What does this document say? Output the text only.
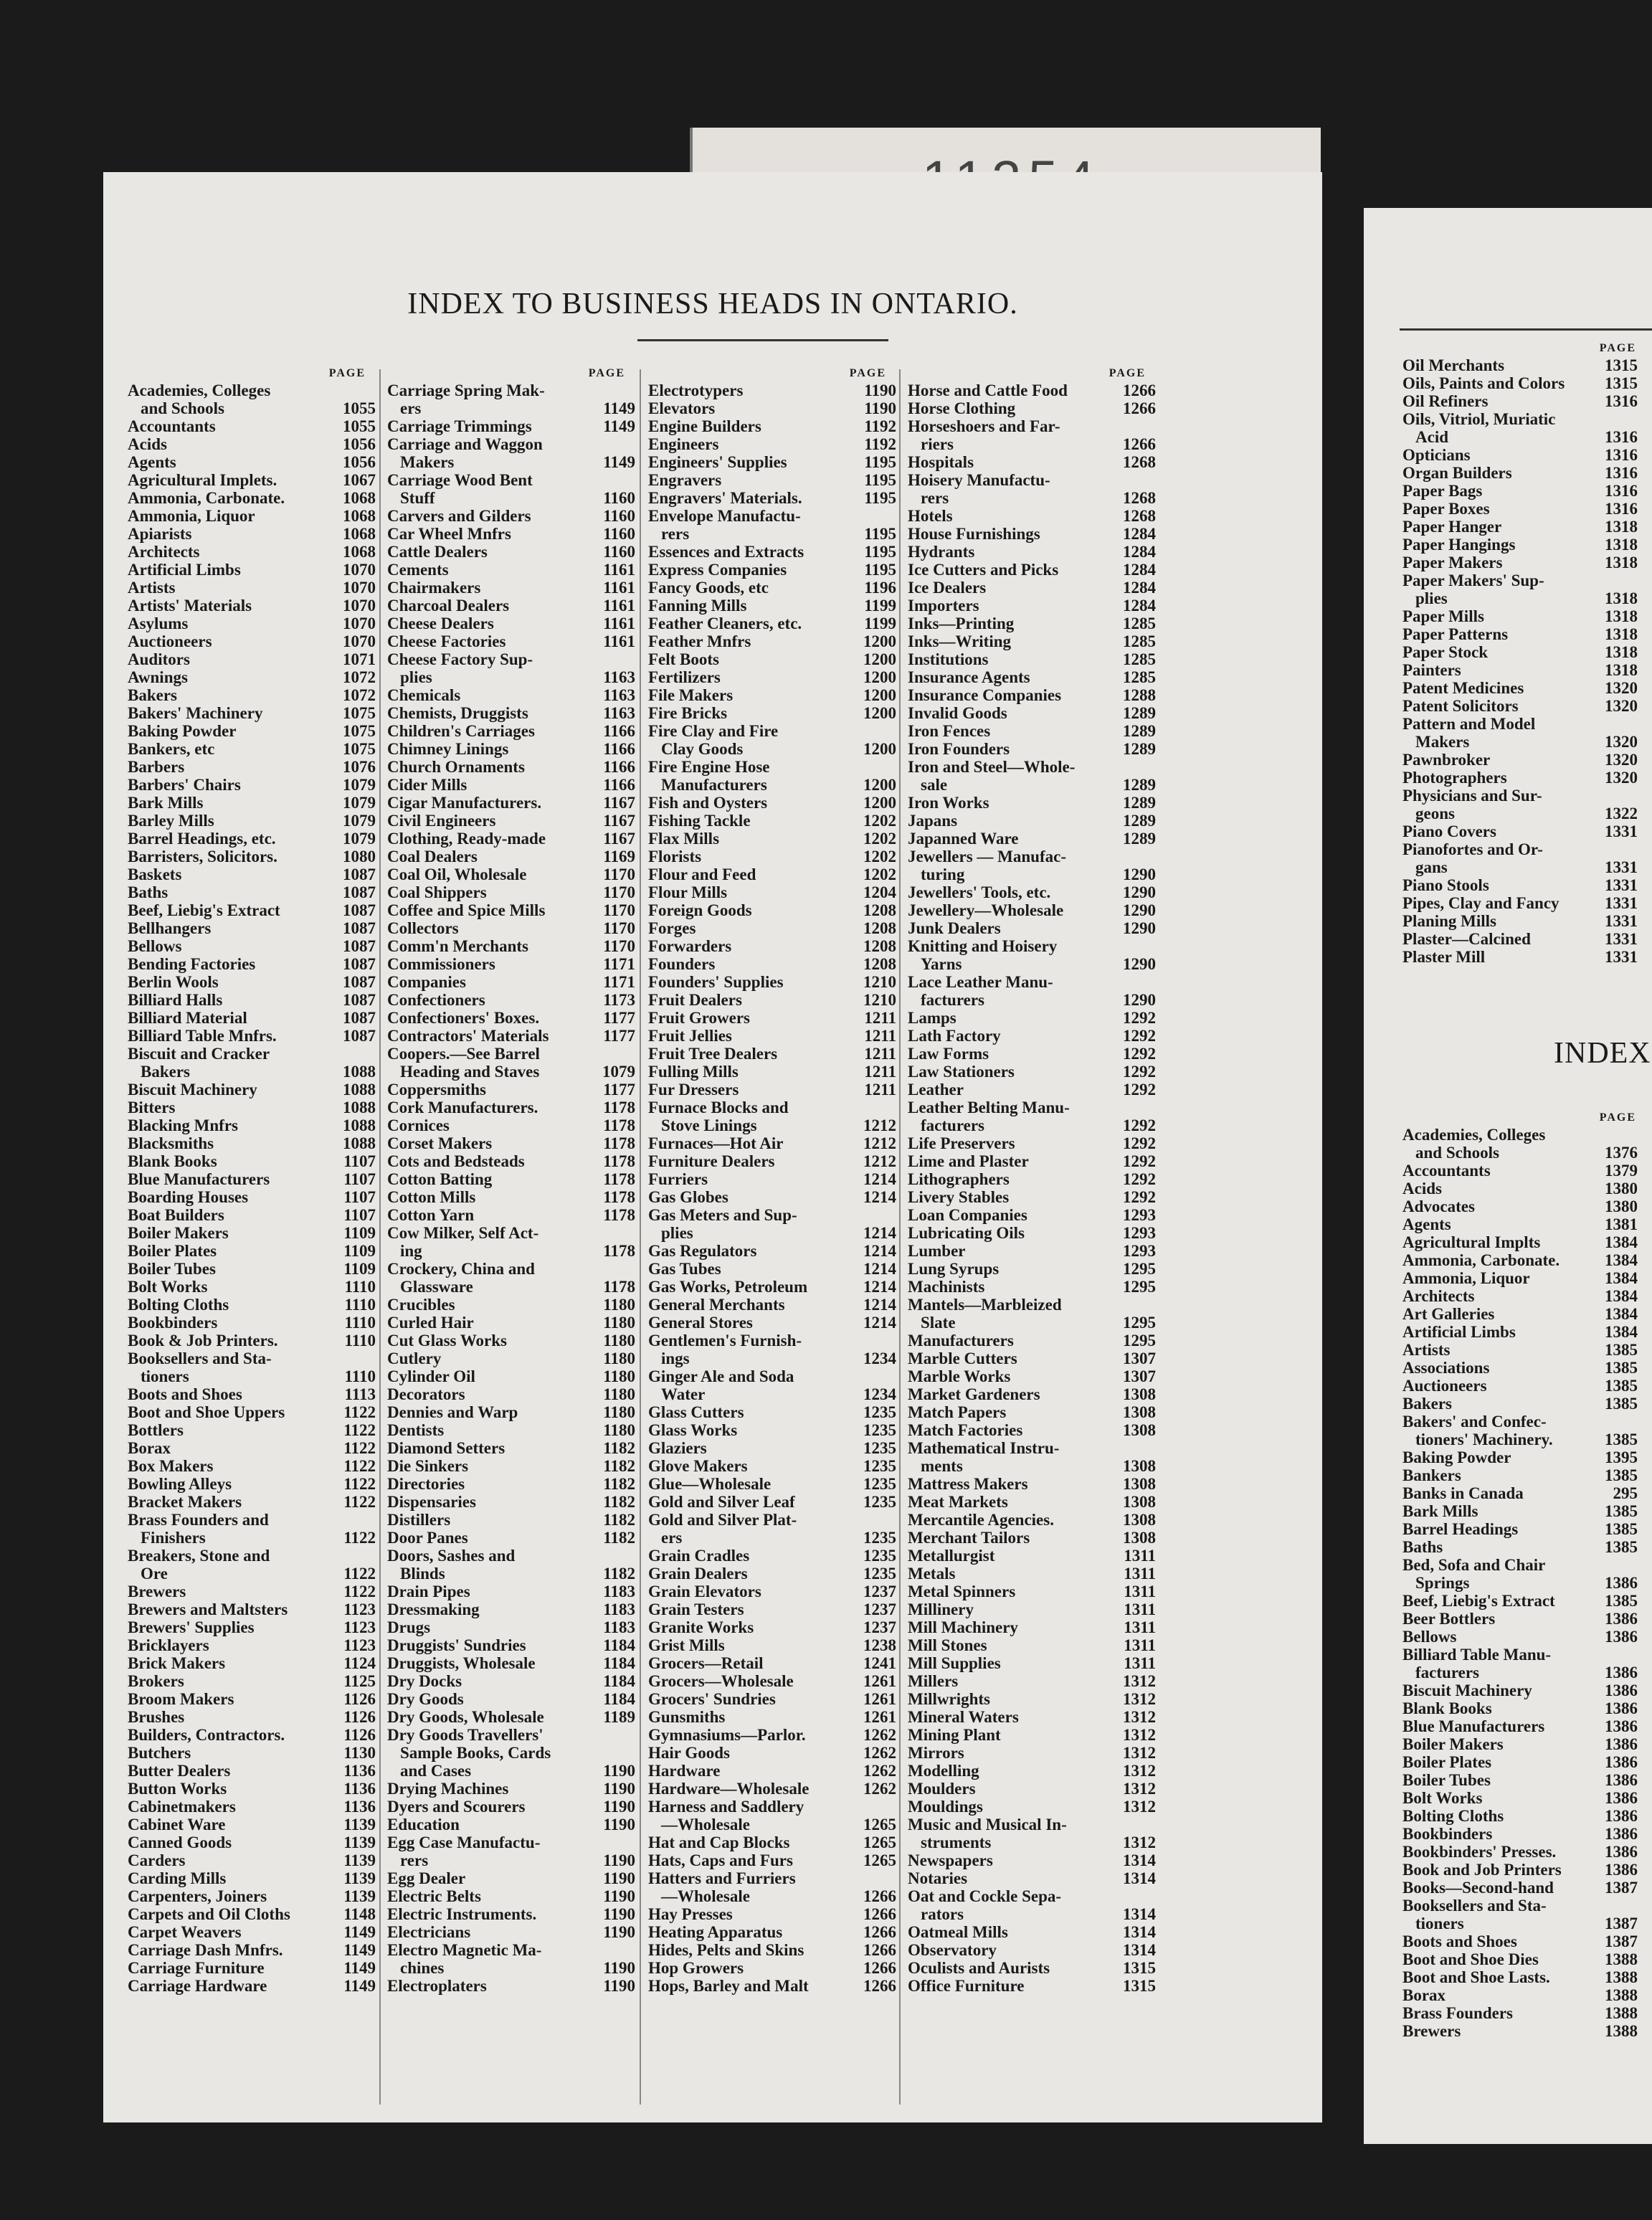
INDEX TO BUSINESS HEADS IN ONTARIO.
PAGE
Academies, Colleges
1055
and Schools
1055
Accountants
1056
Acids
1056
Agents
1067
Agricultural Implets.
1068
Ammonia, Carbonate.
1068
Ammonia, Liquor
1068
Apiarists
1068
Architects
1070
Artificial Limbs
1070
Artists
1070
Artists' Materials
1070
Asylums
1070
Auctioneers
1071
Auditors
1072
Awnings
1072
Bakers
1075
Bakers' Machinery
1075
Baking Powder
1075
Bankers, etc
1076
Barbers
1079
Barbers' Chairs
1079
Bark Mills
1079
Barley Mills
1079
Barrel Headings, etc.
1080
Barristers, Solicitors.
1087
Baskets
1087
Baths
1087
Beef, Liebig's Extract
1087
Bellhangers
1087
Bellows
1087
Bending Factories
1087
Berlin Wools
1087
Billiard Halls
1087
Billiard Material
1087
Billiard Table Mnfrs.
Biscuit and Cracker
1088
Bakers
1088
Biscuit Machinery
1088
Bitters
1088
Blacking Mnfrs
1088
Blacksmiths
1107
Blank Books
1107
Blue Manufacturers
1107
Boarding Houses
1107
Boat Builders
1109
Boiler Makers
1109
Boiler Plates
1109
Boiler Tubes
1110
Bolt Works
1110
Bolting Cloths
1110
Bookbinders
1110
Book & Job Printers.
Booksellers and Sta-
1110
tioners
1113
Boots and Shoes
1122
Boot and Shoe Uppers
1122
Bottlers
1122
Borax
1122
Box Makers
1122
Bowling Alleys
1122
Bracket Makers
Brass Founders and
1122
Finishers
Breakers, Stone and
1122
Ore
1122
Brewers
1123
Brewers and Maltsters
1123
Brewers' Supplies
1123
Bricklayers
1124
Brick Makers
1125
Brokers
1126
Broom Makers
1126
Brushes
1126
Builders, Contractors.
1130
Butchers
1136
Butter Dealers
1136
Button Works
1136
Cabinetmakers
1139
Cabinet Ware
1139
Canned Goods
1139
Carders
1139
Carding Mills
1139
Carpenters, Joiners
1148
Carpets and Oil Cloths
1149
Carpet Weavers
1149
Carriage Dash Mnfrs.
1149
Carriage Furniture
1149
Carriage Hardware
PAGE
Carriage Spring Mak-
1149
ers
1149
Carriage Trimmings
Carriage and Waggon
1149
Makers
Carriage Wood Bent
1160
Stuff
1160
Carvers and Gilders
1160
Car Wheel Mnfrs
1160
Cattle Dealers
1161
Cements
1161
Chairmakers
1161
Charcoal Dealers
1161
Cheese Dealers
1161
Cheese Factories
Cheese Factory Sup-
1163
plies
1163
Chemicals
1163
Chemists, Druggists
1166
Children's Carriages
1166
Chimney Linings
1166
Church Ornaments
1166
Cider Mills
1167
Cigar Manufacturers.
1167
Civil Engineers
1167
Clothing, Ready-made
1169
Coal Dealers
1170
Coal Oil, Wholesale
1170
Coal Shippers
1170
Coffee and Spice Mills
1170
Collectors
1170
Comm'n Merchants
1171
Commissioners
1171
Companies
1173
Confectioners
1177
Confectioners' Boxes.
1177
Contractors' Materials
Coopers.—See Barrel
1079
Heading and Staves
1177
Coppersmiths
1178
Cork Manufacturers.
1178
Cornices
1178
Corset Makers
1178
Cots and Bedsteads
1178
Cotton Batting
1178
Cotton Mills
1178
Cotton Yarn
Cow Milker, Self Act-
1178
ing
Crockery, China and
1178
Glassware
1180
Crucibles
1180
Curled Hair
1180
Cut Glass Works
1180
Cutlery
1180
Cylinder Oil
1180
Decorators
1180
Dennies and Warp
1180
Dentists
1182
Diamond Setters
1182
Die Sinkers
1182
Directories
1182
Dispensaries
1182
Distillers
1182
Door Panes
Doors, Sashes and
1182
Blinds
1183
Drain Pipes
1183
Dressmaking
1183
Drugs
1184
Druggists' Sundries
1184
Druggists, Wholesale
1184
Dry Docks
1184
Dry Goods
1189
Dry Goods, Wholesale
Dry Goods Travellers'
Sample Books, Cards
1190
and Cases
1190
Drying Machines
1190
Dyers and Scourers
1190
Education
Egg Case Manufactu-
1190
rers
1190
Egg Dealer
1190
Electric Belts
1190
Electric Instruments.
1190
Electricians
Electro Magnetic Ma-
1190
chines
1190
Electroplaters
PAGE
1190
Electrotypers
1190
Elevators
1192
Engine Builders
1192
Engineers
1195
Engineers' Supplies
1195
Engravers
1195
Engravers' Materials.
Envelope Manufactu-
1195
rers
1195
Essences and Extracts
1195
Express Companies
1196
Fancy Goods, etc
1199
Fanning Mills
1199
Feather Cleaners, etc.
1200
Feather Mnfrs
1200
Felt Boots
1200
Fertilizers
1200
File Makers
1200
Fire Bricks
Fire Clay and Fire
1200
Clay Goods
Fire Engine Hose
1200
Manufacturers
1200
Fish and Oysters
1202
Fishing Tackle
1202
Flax Mills
1202
Florists
1202
Flour and Feed
1204
Flour Mills
1208
Foreign Goods
1208
Forges
1208
Forwarders
1208
Founders
1210
Founders' Supplies
1210
Fruit Dealers
1211
Fruit Growers
1211
Fruit Jellies
1211
Fruit Tree Dealers
1211
Fulling Mills
1211
Fur Dressers
Furnace Blocks and
1212
Stove Linings
1212
Furnaces—Hot Air
1212
Furniture Dealers
1214
Furriers
1214
Gas Globes
Gas Meters and Sup-
1214
plies
1214
Gas Regulators
1214
Gas Tubes
1214
Gas Works, Petroleum
1214
General Merchants
1214
General Stores
Gentlemen's Furnish-
1234
ings
Ginger Ale and Soda
1234
Water
1235
Glass Cutters
1235
Glass Works
1235
Glaziers
1235
Glove Makers
1235
Glue—Wholesale
1235
Gold and Silver Leaf
Gold and Silver Plat-
1235
ers
1235
Grain Cradles
1235
Grain Dealers
1237
Grain Elevators
1237
Grain Testers
1237
Granite Works
1238
Grist Mills
1241
Grocers—Retail
1261
Grocers—Wholesale
1261
Grocers' Sundries
1261
Gunsmiths
1262
Gymnasiums—Parlor.
1262
Hair Goods
1262
Hardware
1262
Hardware—Wholesale
Harness and Saddlery
1265
—Wholesale
1265
Hat and Cap Blocks
1265
Hats, Caps and Furs
Hatters and Furriers
1266
—Wholesale
1266
Hay Presses
1266
Heating Apparatus
1266
Hides, Pelts and Skins
1266
Hop Growers
1266
Hops, Barley and Malt
PAGE
1266
Horse and Cattle Food
1266
Horse Clothing
Horseshoers and Far-
1266
riers
1268
Hospitals
Hoisery Manufactu-
1268
rers
1268
Hotels
1284
House Furnishings
1284
Hydrants
1284
Ice Cutters and Picks
1284
Ice Dealers
1284
Importers
1285
Inks—Printing
1285
Inks—Writing
1285
Institutions
1285
Insurance Agents
1288
Insurance Companies
1289
Invalid Goods
1289
Iron Fences
1289
Iron Founders
Iron and Steel—Whole-
1289
sale
1289
Iron Works
1289
Japans
1289
Japanned Ware
Jewellers — Manufac-
1290
turing
1290
Jewellers' Tools, etc.
1290
Jewellery—Wholesale
1290
Junk Dealers
Knitting and Hoisery
1290
Yarns
Lace Leather Manu-
1290
facturers
1292
Lamps
1292
Lath Factory
1292
Law Forms
1292
Law Stationers
1292
Leather
Leather Belting Manu-
1292
facturers
1292
Life Preservers
1292
Lime and Plaster
1292
Lithographers
1292
Livery Stables
1293
Loan Companies
1293
Lubricating Oils
1293
Lumber
1295
Lung Syrups
1295
Machinists
Mantels—Marbleized
1295
Slate
1295
Manufacturers
1307
Marble Cutters
1307
Marble Works
1308
Market Gardeners
1308
Match Papers
1308
Match Factories
Mathematical Instru-
1308
ments
1308
Mattress Makers
1308
Meat Markets
1308
Mercantile Agencies.
1308
Merchant Tailors
1311
Metallurgist
1311
Metals
1311
Metal Spinners
1311
Millinery
1311
Mill Machinery
1311
Mill Stones
1311
Mill Supplies
1312
Millers
1312
Millwrights
1312
Mineral Waters
1312
Mining Plant
1312
Mirrors
1312
Modelling
1312
Moulders
1312
Mouldings
Music and Musical In-
1312
struments
1314
Newspapers
1314
Notaries
Oat and Cockle Sepa-
1314
rators
1314
Oatmeal Mills
1314
Observatory
1315
Oculists and Aurists
1315
Office Furniture
PAGE
1315
Oil Merchants
1315
Oils, Paints and Colors
1316
Oil Refiners
Oils, Vitriol, Muriatic
1316
Acid
1316
Opticians
1316
Organ Builders
1316
Paper Bags
1316
Paper Boxes
1318
Paper Hanger
1318
Paper Hangings
1318
Paper Makers
Paper Makers' Sup-
1318
plies
1318
Paper Mills
1318
Paper Patterns
1318
Paper Stock
1318
Painters
1320
Patent Medicines
1320
Patent Solicitors
Pattern and Model
1320
Makers
1320
Pawnbroker
1320
Photographers
Physicians and Sur-
1322
geons
1331
Piano Covers
Pianofortes and Or-
1331
gans
1331
Piano Stools
1331
Pipes, Clay and Fancy
1331
Planing Mills
1331
Plaster—Calcined
1331
Plaster Mill
INDEX
PAGE
Academies, Colleges
1376
and Schools
1379
Accountants
1380
Acids
1380
Advocates
1381
Agents
1384
Agricultural Implts
1384
Ammonia, Carbonate.
1384
Ammonia, Liquor
1384
Architects
1384
Art Galleries
1384
Artificial Limbs
1385
Artists
1385
Associations
1385
Auctioneers
1385
Bakers
Bakers' and Confec-
1385
tioners' Machinery.
1395
Baking Powder
1385
Bankers
295
Banks in Canada
1385
Bark Mills
1385
Barrel Headings
1385
Baths
Bed, Sofa and Chair
1386
Springs
1385
Beef, Liebig's Extract
1386
Beer Bottlers
1386
Bellows
Billiard Table Manu-
1386
facturers
1386
Biscuit Machinery
1386
Blank Books
1386
Blue Manufacturers
1386
Boiler Makers
1386
Boiler Plates
1386
Boiler Tubes
1386
Bolt Works
1386
Bolting Cloths
1386
Bookbinders
1386
Bookbinders' Presses.
1386
Book and Job Printers
1387
Books—Second-hand
Booksellers and Sta-
1387
tioners
1387
Boots and Shoes
1388
Boot and Shoe Dies
1388
Boot and Shoe Lasts.
1388
Borax
1388
Brass Founders
1388
Brewers
